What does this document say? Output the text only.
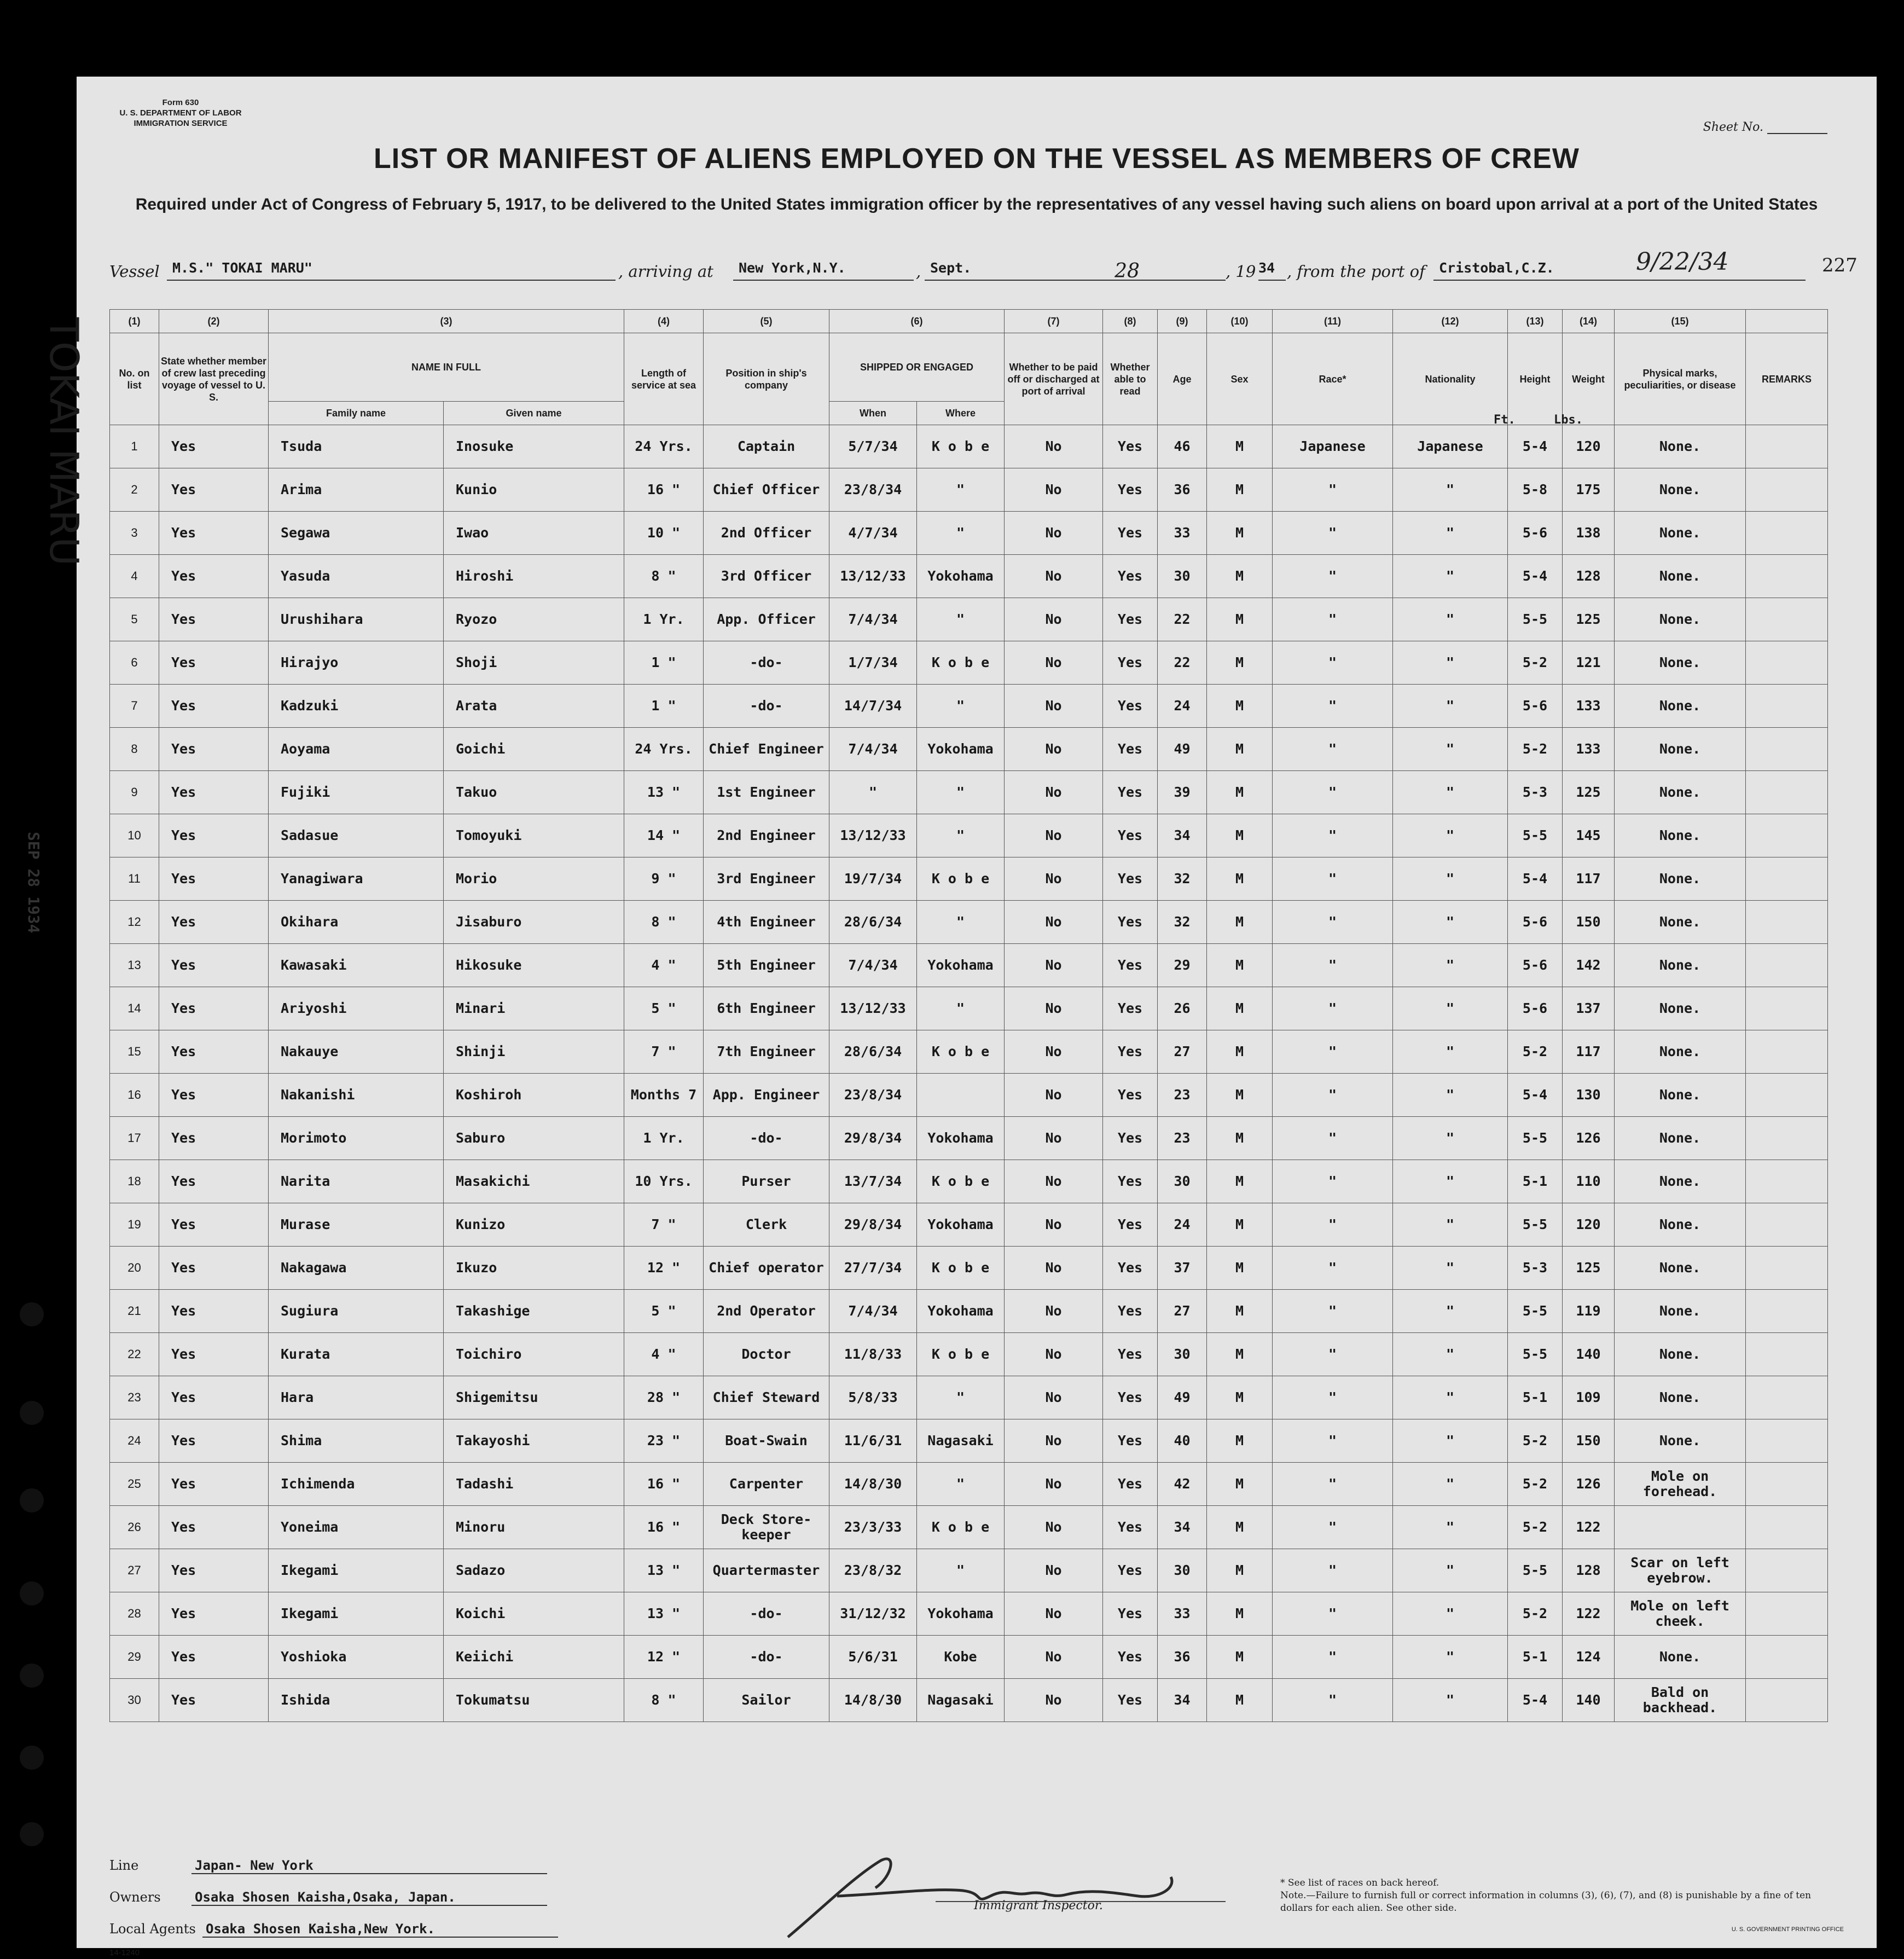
TOKAI MARU
SEP 28 1934
Form 630
U. S. DEPARTMENT OF LABOR
IMMIGRATION SERVICE	Sheet No.
LIST OR MANIFEST OF ALIENS EMPLOYED ON THE VESSEL AS MEMBERS OF CREW
Required under Act of Congress of February 5, 1917, to be delivered to the United States immigration officer by the representatives of any vessel having such aliens on board upon arrival at a port of the United States
Vessel M.S." TOKAI MARU"	, arriving at	New York,N.Y.	, Sept.	28	, 19 34 , from the port of	Cristobal,C.Z.	9/22/34	227
(1)	(2)	(3)		(4)	(5)	(6)		(7)	(8)	(9)	(10)	(11)	(12)	(13)	(14)	(15)	
No. on list	State whether member of crew last preceding voyage of vessel to U. S.	NAME IN FULL		Length of service at sea	Position in ship's company	SHIPPED OR ENGAGED		Whether to be paid off or discharged at port of arrival	Whether able to read	Age	Sex	Race*	Nationality	Height	Weight	Physical marks, peculiarities, or disease	REMARKS
		Family name	Given name			When	Where										
1	Yes	Tsuda	Inosuke	24 Yrs.	Captain	5/7/34	K o b e	No	Yes	46	M	Japanese	Japanese	5-4	120	None.	
2	Yes	Arima	Kunio	16 "	Chief Officer	23/8/34	"	No	Yes	36	M	"	"	5-8	175	None.	
3	Yes	Segawa	Iwao	10 "	2nd Officer	4/7/34	"	No	Yes	33	M	"	"	5-6	138	None.	
4	Yes	Yasuda	Hiroshi	8 "	3rd Officer	13/12/33	Yokohama	No	Yes	30	M	"	"	5-4	128	None.	
5	Yes	Urushihara	Ryozo	1 Yr.	App. Officer	7/4/34	"	No	Yes	22	M	"	"	5-5	125	None.	
6	Yes	Hirajyo	Shoji	1 "	-do-	1/7/34	K o b e	No	Yes	22	M	"	"	5-2	121	None.	
7	Yes	Kadzuki	Arata	1 "	-do-	14/7/34	"	No	Yes	24	M	"	"	5-6	133	None.	
8	Yes	Aoyama	Goichi	24 Yrs.	Chief Engineer	7/4/34	Yokohama	No	Yes	49	M	"	"	5-2	133	None.	
9	Yes	Fujiki	Takuo	13 "	1st Engineer	"	"	No	Yes	39	M	"	"	5-3	125	None.	
10	Yes	Sadasue	Tomoyuki	14 "	2nd Engineer	13/12/33	"	No	Yes	34	M	"	"	5-5	145	None.	
11	Yes	Yanagiwara	Morio	9 "	3rd Engineer	19/7/34	K o b e	No	Yes	32	M	"	"	5-4	117	None.	
12	Yes	Okihara	Jisaburo	8 "	4th Engineer	28/6/34	"	No	Yes	32	M	"	"	5-6	150	None.	
13	Yes	Kawasaki	Hikosuke	4 "	5th Engineer	7/4/34	Yokohama	No	Yes	29	M	"	"	5-6	142	None.	
14	Yes	Ariyoshi	Minari	5 "	6th Engineer	13/12/33	"	No	Yes	26	M	"	"	5-6	137	None.	
15	Yes	Nakauye	Shinji	7 "	7th Engineer	28/6/34	K o b e	No	Yes	27	M	"	"	5-2	117	None.	
16	Yes	Nakanishi	Koshiroh	Months 7	App. Engineer	23/8/34		No	Yes	23	M	"	"	5-4	130	None.	
17	Yes	Morimoto	Saburo	1 Yr.	-do-	29/8/34	Yokohama	No	Yes	23	M	"	"	5-5	126	None.	
18	Yes	Narita	Masakichi	10 Yrs.	Purser	13/7/34	K o b e	No	Yes	30	M	"	"	5-1	110	None.	
19	Yes	Murase	Kunizo	7 "	Clerk	29/8/34	Yokohama	No	Yes	24	M	"	"	5-5	120	None.	
20	Yes	Nakagawa	Ikuzo	12 "	Chief operator	27/7/34	K o b e	No	Yes	37	M	"	"	5-3	125	None.	
21	Yes	Sugiura	Takashige	5 "	2nd Operator	7/4/34	Yokohama	No	Yes	27	M	"	"	5-5	119	None.	
22	Yes	Kurata	Toichiro	4 "	Doctor	11/8/33	K o b e	No	Yes	30	M	"	"	5-5	140	None.	
23	Yes	Hara	Shigemitsu	28 "	Chief Steward	5/8/33	"	No	Yes	49	M	"	"	5-1	109	None.	
24	Yes	Shima	Takayoshi	23 "	Boat-Swain	11/6/31	Nagasaki	No	Yes	40	M	"	"	5-2	150	None.	
25	Yes	Ichimenda	Tadashi	16 "	Carpenter	14/8/30	"	No	Yes	42	M	"	"	5-2	126	Mole on forehead.	
26	Yes	Yoneima	Minoru	16 "	Deck Store-keeper	23/3/33	K o b e	No	Yes	34	M	"	"	5-2	122		
27	Yes	Ikegami	Sadazo	13 "	Quartermaster	23/8/32	"	No	Yes	30	M	"	"	5-5	128	Scar on left eyebrow.	
28	Yes	Ikegami	Koichi	13 "	-do-	31/12/32	Yokohama	No	Yes	33	M	"	"	5-2	122	Mole on left cheek.	
29	Yes	Yoshioka	Keiichi	12 "	-do-	5/6/31	Kobe	No	Yes	36	M	"	"	5-1	124	None.	
30	Yes	Ishida	Tokumatsu	8 "	Sailor	14/8/30	Nagasaki	No	Yes	34	M	"	"	5-4	140	Bald on backhead.	
Ft.	Lbs.
Line	Japan- New York
Owners	Osaka Shosen Kaisha,Osaka, Japan.
Local Agents Osaka Shosen Kaisha,New York.
14-1240
Immigrant Inspector.
* See list of races on back hereof.
Note.—Failure to furnish full or correct information in columns (3), (6), (7), and (8) is punishable by a fine of ten dollars for each alien. See other side.
U. S. GOVERNMENT PRINTING OFFICE
